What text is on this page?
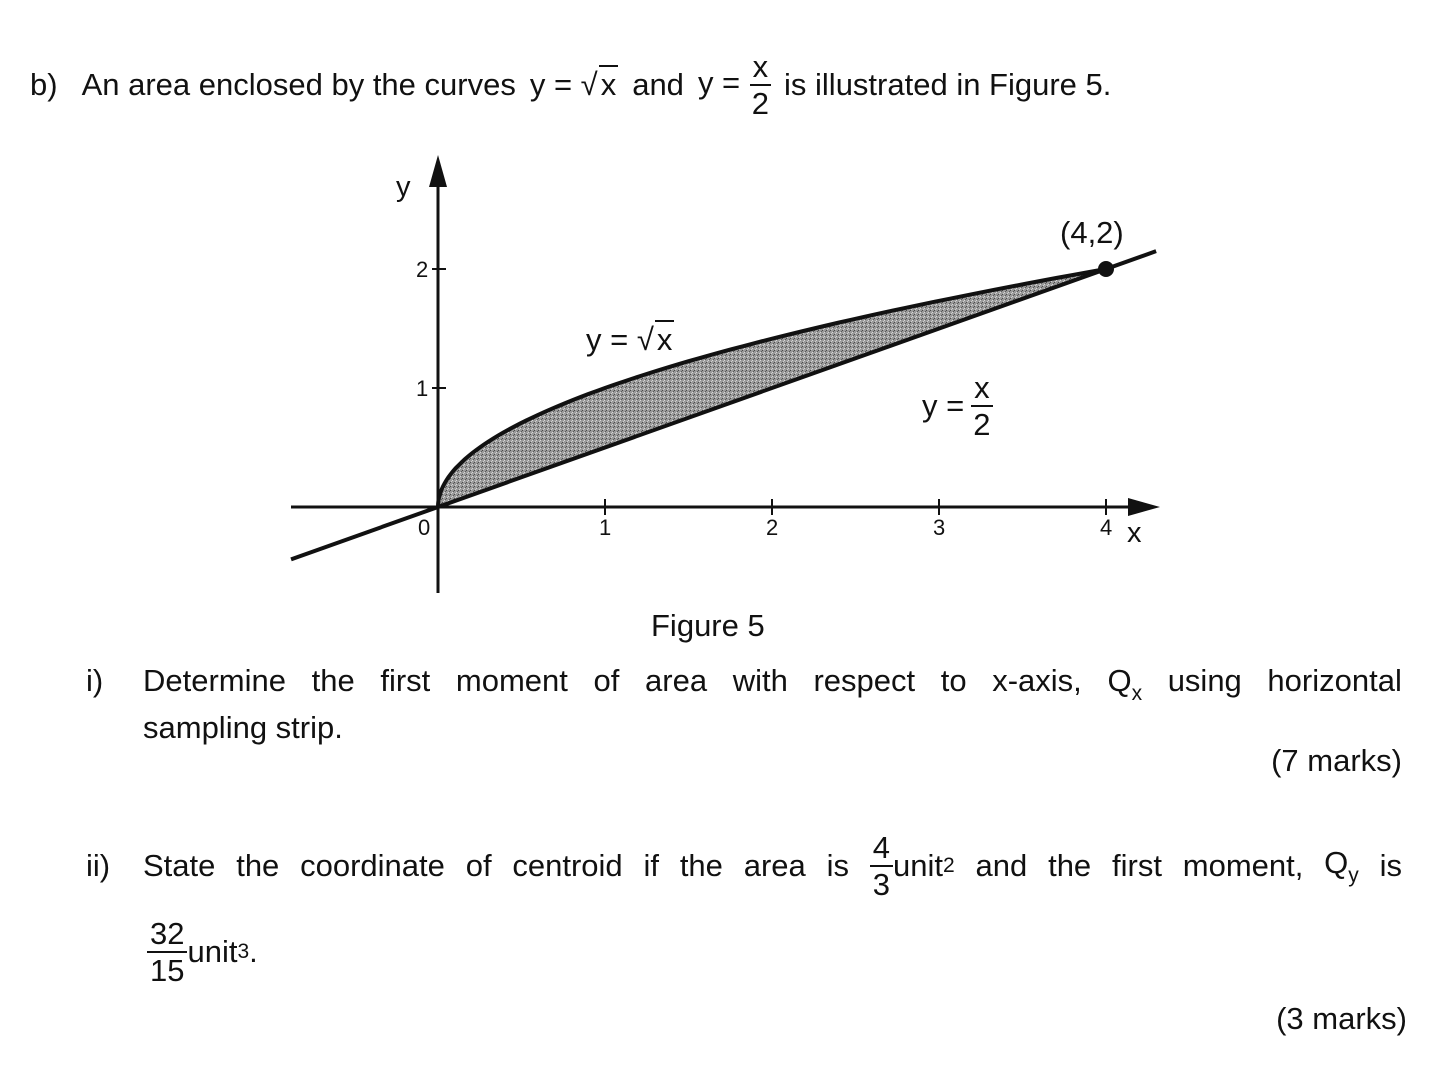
b) An area enclosed by the curves y = √x and $y = \frac{x}{2}$ is illustrated in Figure 5.
0	1	2	3	4
1
2
y
x
(4,2)
y = √x
$y = \frac{x}{2}$
Figure 5
i) Determine the first moment of area with respect to x-axis, $Q_x$ using horizontal
sampling strip.
(7 marks)
ii) State the coordinate of centroid if the area is $\frac{4}{3}$ unit 2 and the first moment, $Q_y$ is
$\frac{32}{15}$ unit 3 .
(3 marks)
